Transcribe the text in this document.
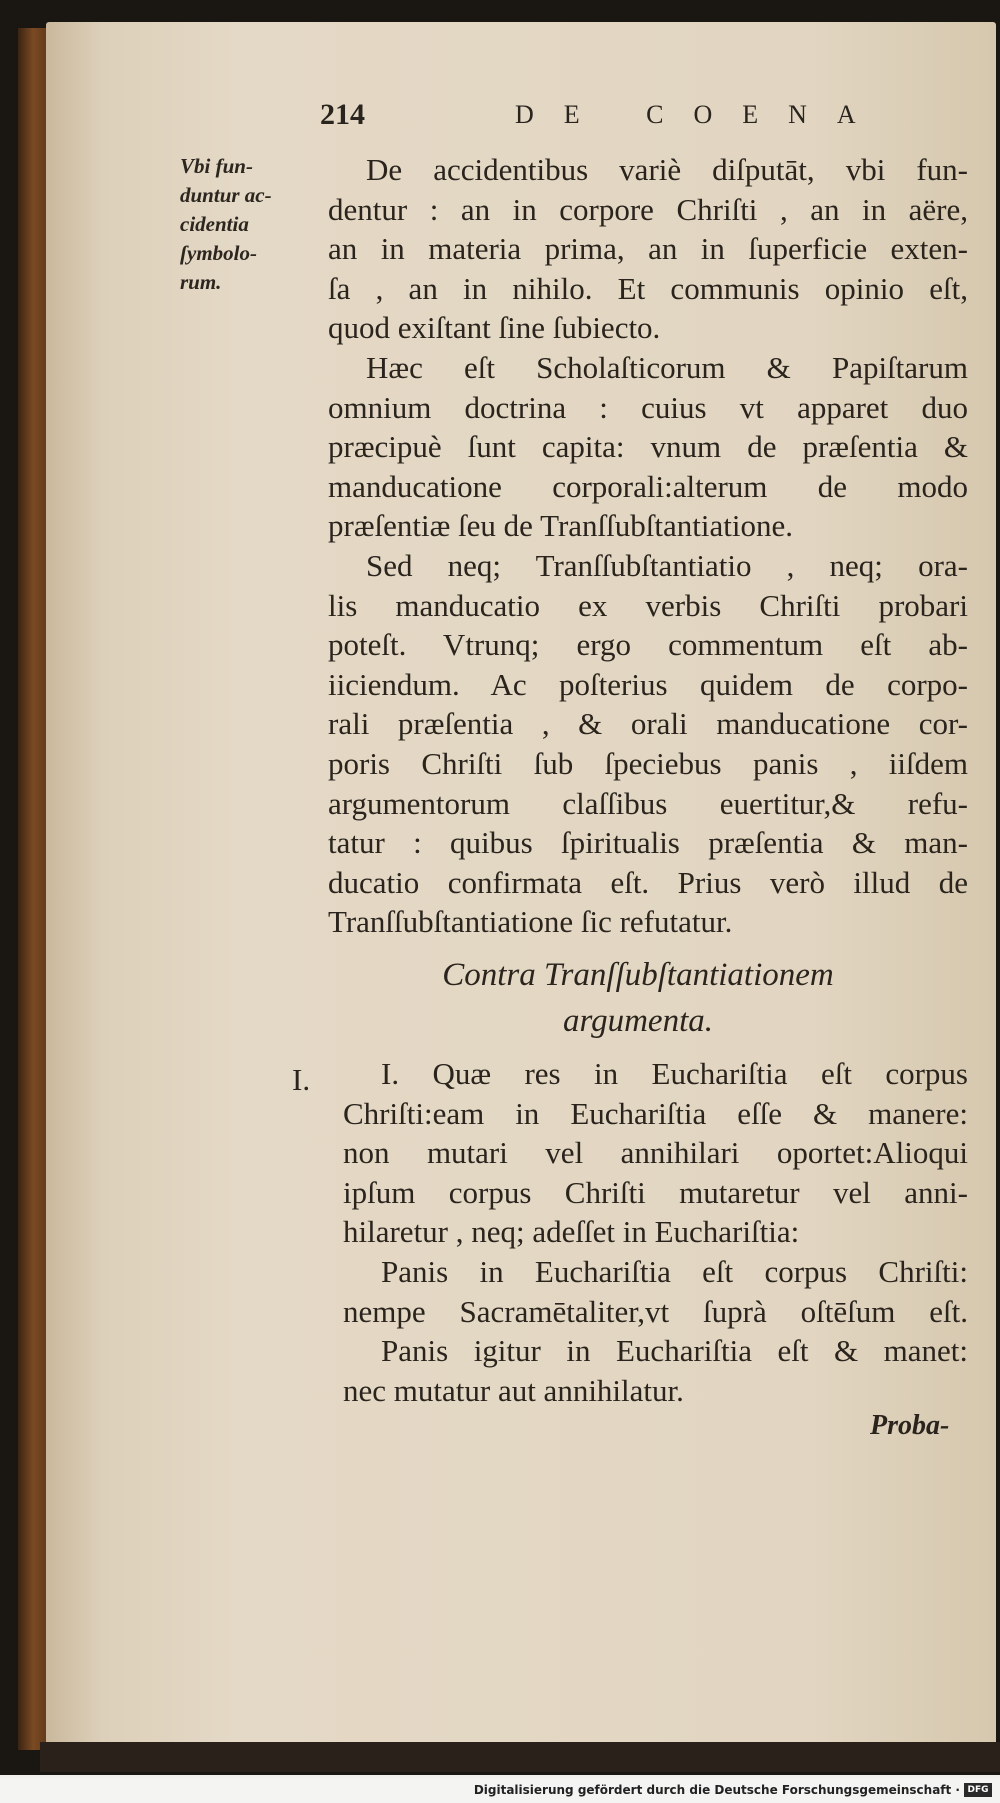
214	DE COENA
Vbi fun-
duntur ac-
cidentia
ſymbolo-
rum.
De accidentibus variè diſputāt, vbi fun-
dentur : an in corpore Chriſti , an in aëre,
an in materia prima, an in ſuperficie exten-
ſa , an in nihilo. Et communis opinio eſt,
quod exiſtant ſine ſubiecto.
Hæc eſt Scholaſticorum & Papiſtarum
omnium doctrina : cuius vt apparet duo
præcipuè ſunt capita: vnum de præſentia &
manducatione corporali:alterum de modo
præſentiæ ſeu de Tranſſubſtantiatione.
Sed neq; Tranſſubſtantiatio , neq; ora-
lis manducatio ex verbis Chriſti probari
poteſt. Vtrunq; ergo commentum eſt ab-
iiciendum. Ac poſterius quidem de corpo-
rali præſentia , & orali manducatione cor-
poris Chriſti ſub ſpeciebus panis , iiſdem
argumentorum claſſibus euertitur,& refu-
tatur : quibus ſpiritualis præſentia & man-
ducatio confirmata eſt. Prius verò illud de
Tranſſubſtantiatione ſic refutatur.
Contra Tranſſubſtantiationem
argumenta.
I.	I. Quæ res in Euchariſtia eſt corpus
Chriſti:eam in Euchariſtia eſſe & manere:
non mutari vel annihilari oportet:Alioqui
ipſum corpus Chriſti mutaretur vel anni-
hilaretur , neq; adeſſet in Euchariſtia:
Panis in Euchariſtia eſt corpus Chriſti:
nempe Sacramētaliter,vt ſuprà oſtēſum eſt.
Panis igitur in Euchariſtia eſt & manet:
nec mutatur aut annihilatur.
Proba-
Digitalisierung gefördert durch die Deutsche Forschungsgemeinschaft · DFG
